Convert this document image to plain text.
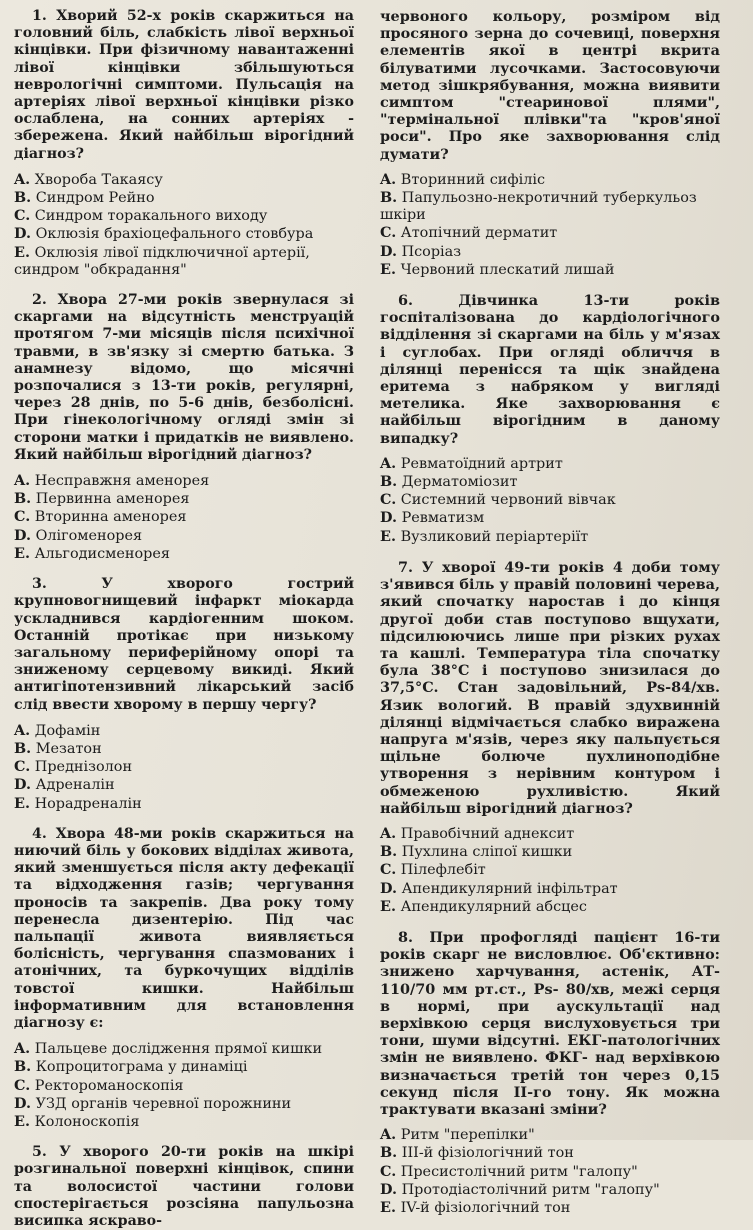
1. Хворий 52-х років скаржиться на головний біль, слабкість лівої верхньої кінцівки. При фізичному навантаженні лівої кінцівки збільшуються неврологічні симптоми. Пульсація на артеріях лівої верхньої кінцівки різко ослаблена, на сонних артеріях - збережена. Який найбільш вірогідний діагноз?

A. Хвороба Такаясу
B. Синдром Рейно
C. Синдром торакального виходу
D. Оклюзія брахіоцефального стовбура
E. Оклюзія лівої підключичної артерії, синдром "обкрадання"

2. Хвора 27-ми років звернулася зі скаргами на відсутність менструацій протягом 7-ми місяців після психічної травми, в зв'язку зі смертю батька. З анамнезу відомо, що місячні розпочалися з 13-ти років, регулярні, через 28 днів, по 5-6 днів, безболісні. При гінекологічному огляді змін зі сторони матки і придатків не виявлено. Який найбільш вірогідний діагноз?

A. Несправжня аменорея
B. Первинна аменорея
C. Вторинна аменорея
D. Олігоменорея
E. Альгодисменорея

3. У хворого гострий крупновогнищевий інфаркт міокарда ускладнився кардіогенним шоком. Останній протікає при низькому загальному периферійному опорі та зниженому серцевому викиді. Який антигіпотензивний лікарський засіб слід ввести хворому в першу чергу?

A. Дофамін
B. Мезатон
C. Преднізолон
D. Адреналін
E. Норадреналін

4. Хвора 48-ми років скаржиться на ниючий біль у бокових відділах живота, який зменшується після акту дефекації та відходження газів; чергування проносів та закрепів. Два року тому перенесла дизентерію. Під час пальпації живота виявляється болісність, чергування спазмованих і атонічних, та буркочущих відділів товстої кишки. Найбільш інформативним для встановлення діагнозу є:

A. Пальцеве дослідження прямої кишки
B. Копроцитограма у динаміці
C. Ректороманоскопія
D. УЗД органів черевної порожнини
E. Колоноскопія

5. У хворого 20-ти років на шкірі розгинальної поверхні кінцівок, спини та волосистої частини голови спостерігається розсіяна папульозна висипка яскраво-

червоного кольору, розміром від просяного зерна до сочевиці, поверхня елементів якої в центрі вкрита білуватими лусочками. Застосовуючи метод зішкрябування, можна виявити симптом "стеаринової плями", "термінальної плівки"та "кров'яної роси". Про яке захворювання слід думати?

A. Вторинний сифіліс
B. Папульозно-некротичний туберкульоз шкіри
C. Атопічний дерматит
D. Псоріаз
E. Червоний плескатий лишай

6. Дівчинка 13-ти років госпіталізована до кардіологічного відділення зі скаргами на біль у м'язах і суглобах. При огляді обличчя в ділянці перенісся та щік знайдена еритема з набряком у вигляді метелика. Яке захворювання є найбільш вірогідним в даному випадку?

A. Ревматоїдний артрит
B. Дерматоміозит
C. Системний червоний вівчак
D. Ревматизм
E. Вузликовий періартеріїт

7. У хворої 49-ти років 4 доби тому з'явився біль у правій половині черева, який спочатку наростав і до кінця другої доби став поступово вщухати, підсилюючись лише при різких рухах та кашлі. Температура тіла спочатку була 38°C і поступово знизилася до 37,5°C. Стан задовільний, Ps-84/хв. Язик вологий. В правій здухвинній ділянці відмічається слабко виражена напруга м'язів, через яку пальпується щільне болюче пухлиноподібне утворення з нерівним контуром і обмеженою рухливістю. Який найбільш вірогідний діагноз?

A. Правобічний аднексит
B. Пухлина сліпої кишки
C. Пілефлебіт
D. Апендикулярний інфільтрат
E. Апендикулярний абсцес

8. При профогляді пацієнт 16-ти років скарг не висловлює. Об'єктивно: знижено харчування, астенік, АТ- 110/70 мм рт.ст., Ps- 80/хв, межі серця в нормі, при аускультації над верхівкою серця вислуховується три тони, шуми відсутні. ЕКГ-патологічних змін не виявлено. ФКГ- над верхівкою визначається третій тон через 0,15 секунд після II-го тону. Як можна трактувати вказані зміни?

A. Ритм "перепілки"
B. III-й фізіологічний тон
C. Пресистолічний ритм "галопу"
D. Протодіастолічний ритм "галопу"
E. IV-й фізіологічний тон
